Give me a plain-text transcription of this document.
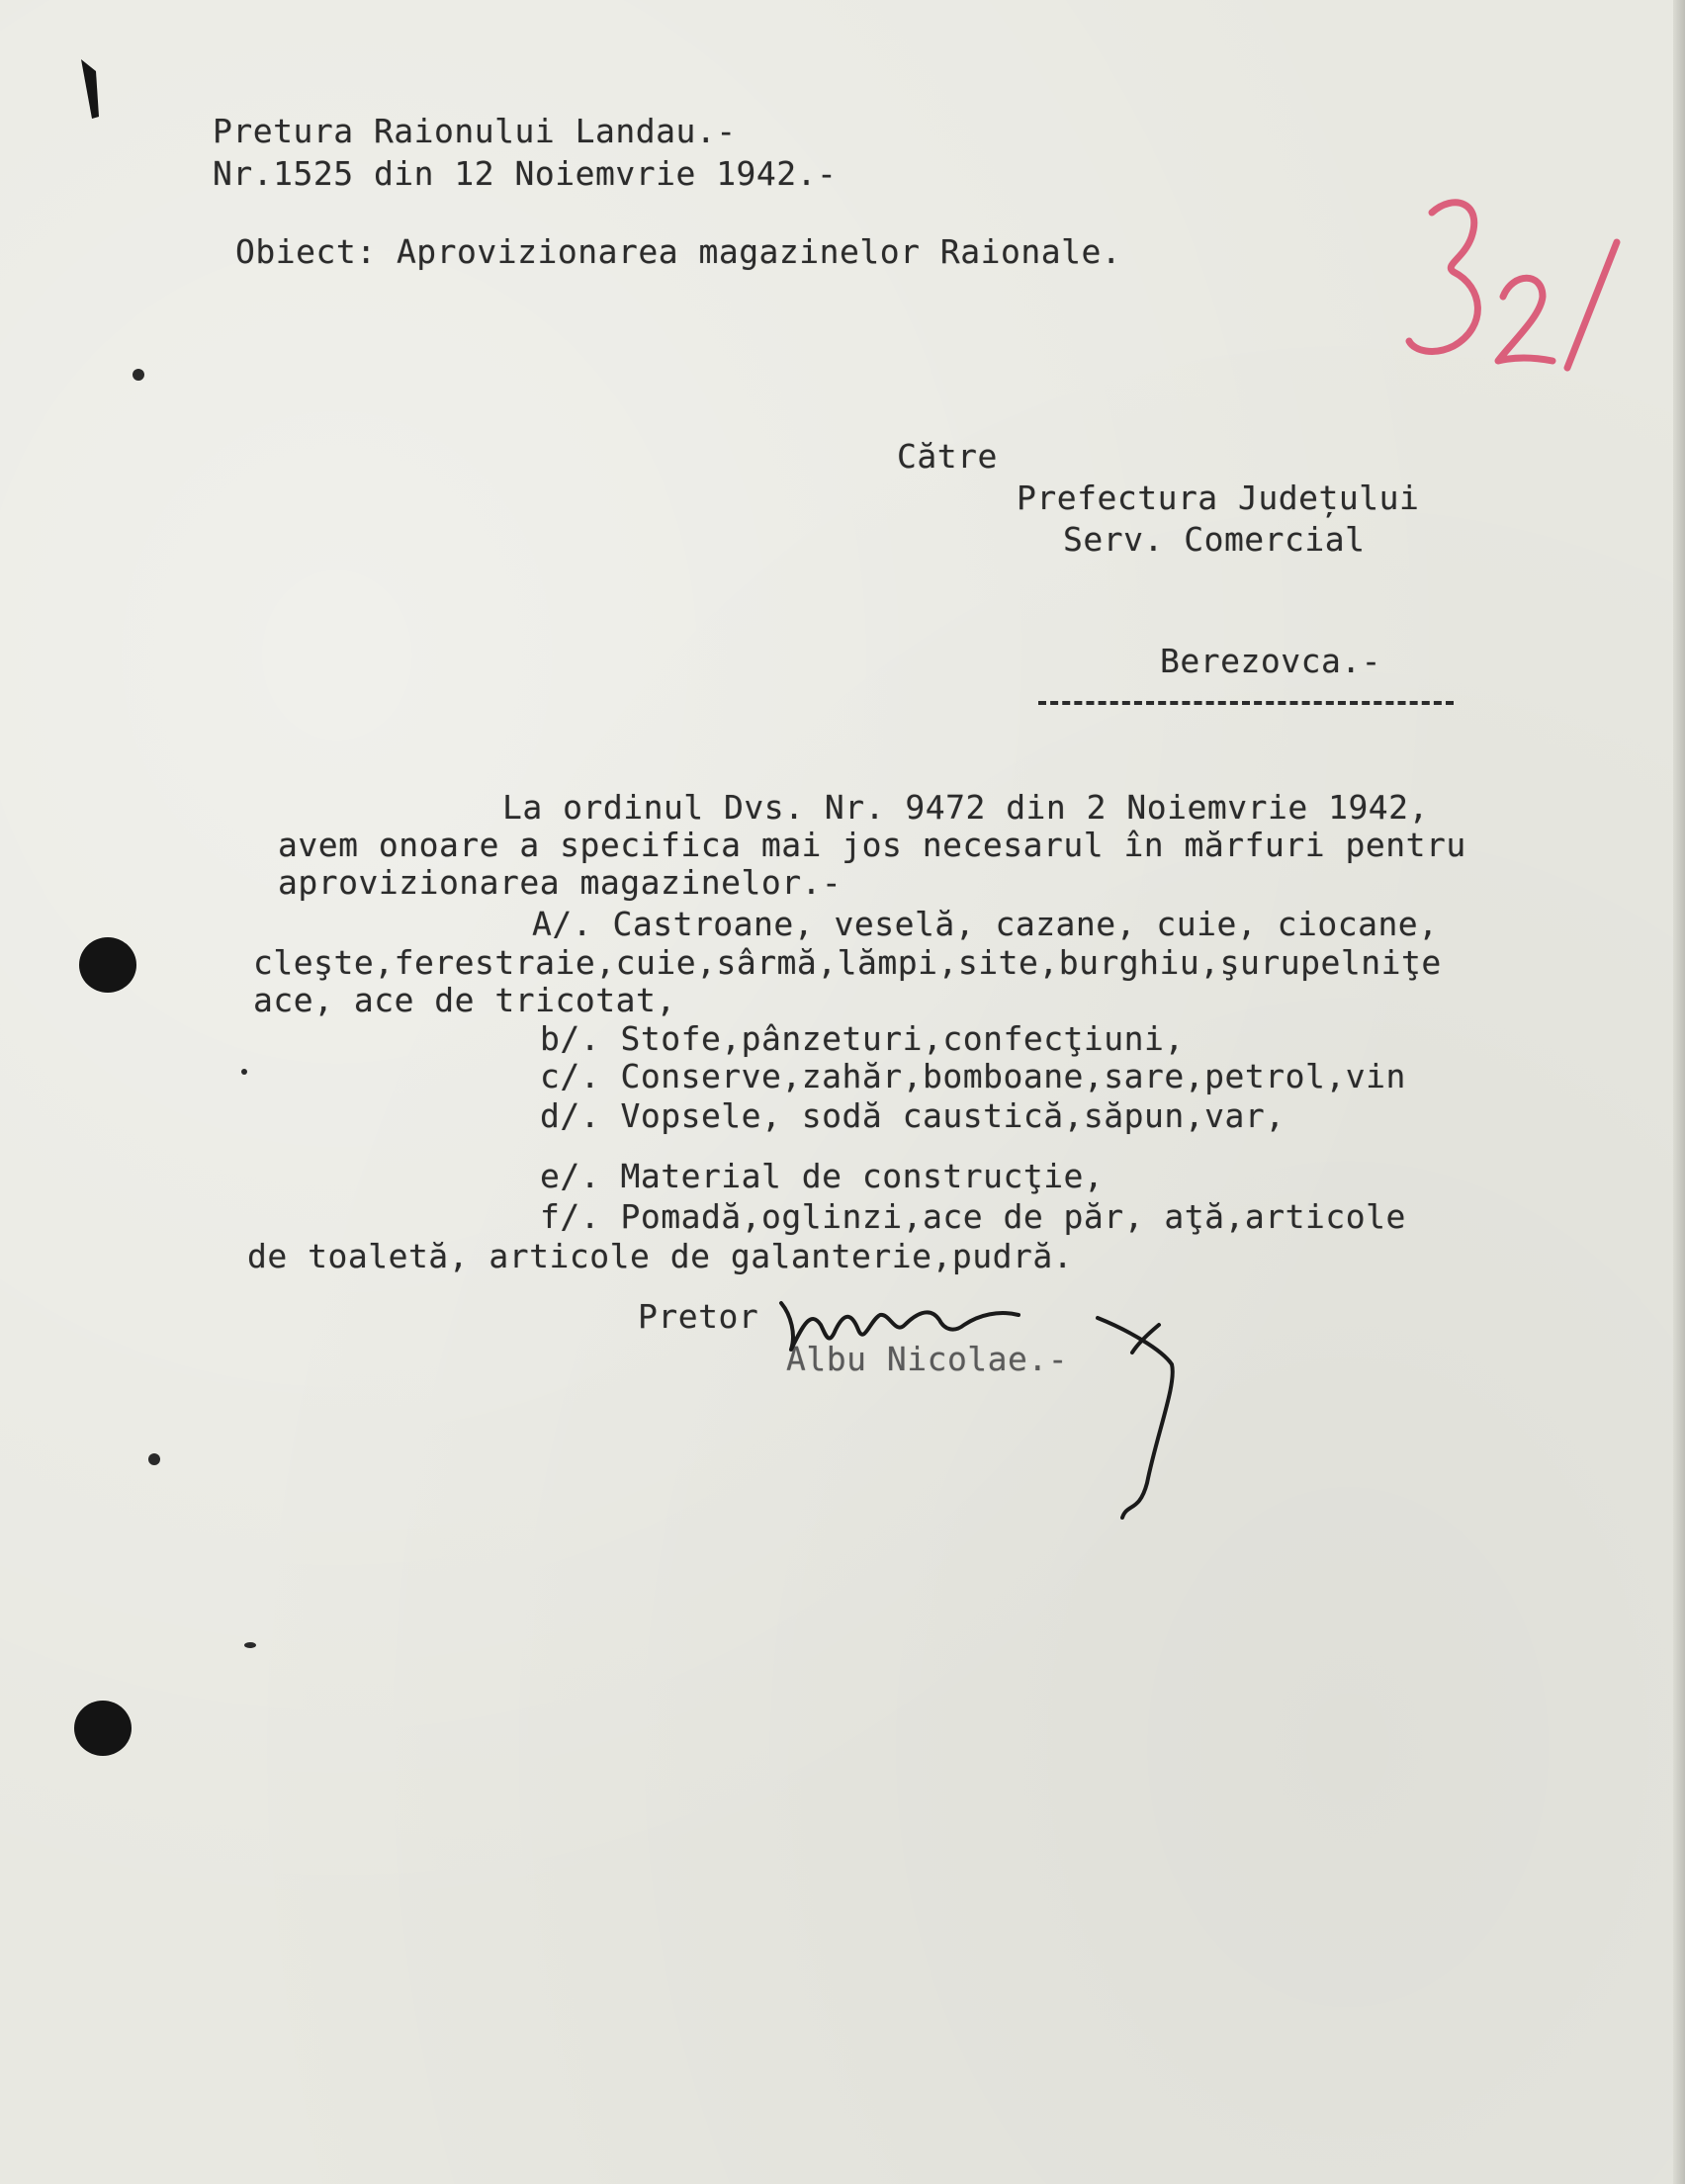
Pretura Raionului Landau.-
Nr.1525 din 12 Noiemvrie 1942.-
Obiect: Aprovizionarea magazinelor Raionale.
Către
Prefectura Județului
Serv. Comercial
Berezovca.-
La ordinul Dvs. Nr. 9472 din 2 Noiemvrie 1942,
avem onoare a specifica mai jos necesarul în mărfuri pentru
aprovizionarea magazinelor.-
A/. Castroane, veselă, cazane, cuie, ciocane,
cleşte,ferestraie,cuie,sârmă,lămpi,site,burghiu,şurupelniţe
ace, ace de tricotat,
b/. Stofe,pânzeturi,confecţiuni,
c/. Conserve,zahăr,bomboane,sare,petrol,vin
d/. Vopsele, sodă caustică,săpun,var,
e/. Material de construcţie,
f/. Pomadă,oglinzi,ace de păr, aţă,articole
de toaletă, articole de galanterie,pudră.
Pretor
Albu Nicolae.-
